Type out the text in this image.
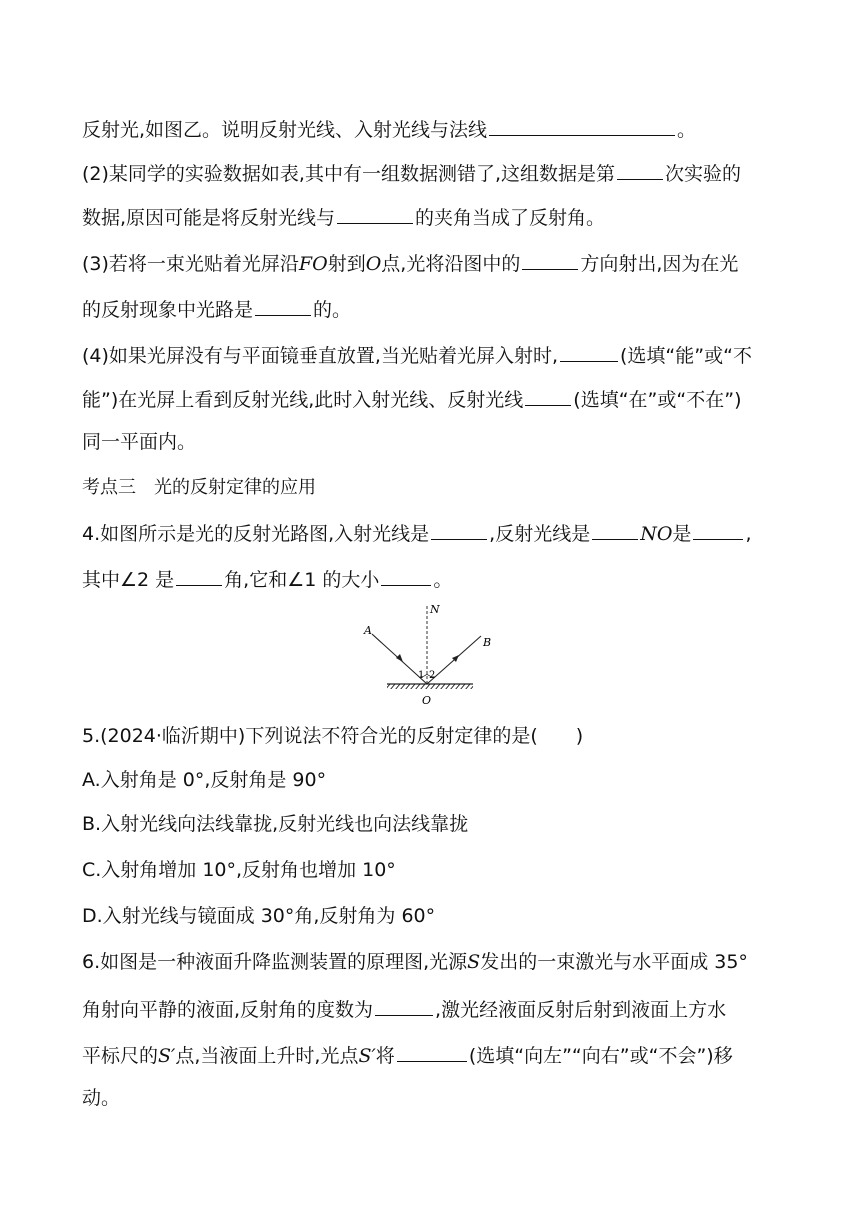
反射光,如图乙。说明反射光线、入射光线与法线	。
(2)某同学的实验数据如表,其中有一组数据测错了,这组数据是第	次实验的
数据,原因可能是将反射光线与	的夹角当成了反射角。
(3)若将一束光贴着光屏沿FO射到O点,光将沿图中的	方向射出,因为在光
的反射现象中光路是	的。
(4)如果光屏没有与平面镜垂直放置,当光贴着光屏入射时,	(选填“能”或“不
能”)在光屏上看到反射光线,此时入射光线、反射光线	(选填“在”或“不在”)
同一平面内。
考点三　光的反射定律的应用
4.如图所示是光的反射光路图,入射光线是	,反射光线是	NO是	,
其中∠2 是	角,它和∠1 的大小	。
N
A
B
O
1 2
5.(2024·临沂期中)下列说法不符合光的反射定律的是(　　)
A.入射角是 0°,反射角是 90°
B.入射光线向法线靠拢,反射光线也向法线靠拢
C.入射角增加 10°,反射角也增加 10°
D.入射光线与镜面成 30°角,反射角为 60°
6.如图是一种液面升降监测装置的原理图,光源S发出的一束激光与水平面成 35°
角射向平静的液面,反射角的度数为	,激光经液面反射后射到液面上方水
平标尺的S′点,当液面上升时,光点S′将	(选填“向左”“向右”或“不会”)移
动。
